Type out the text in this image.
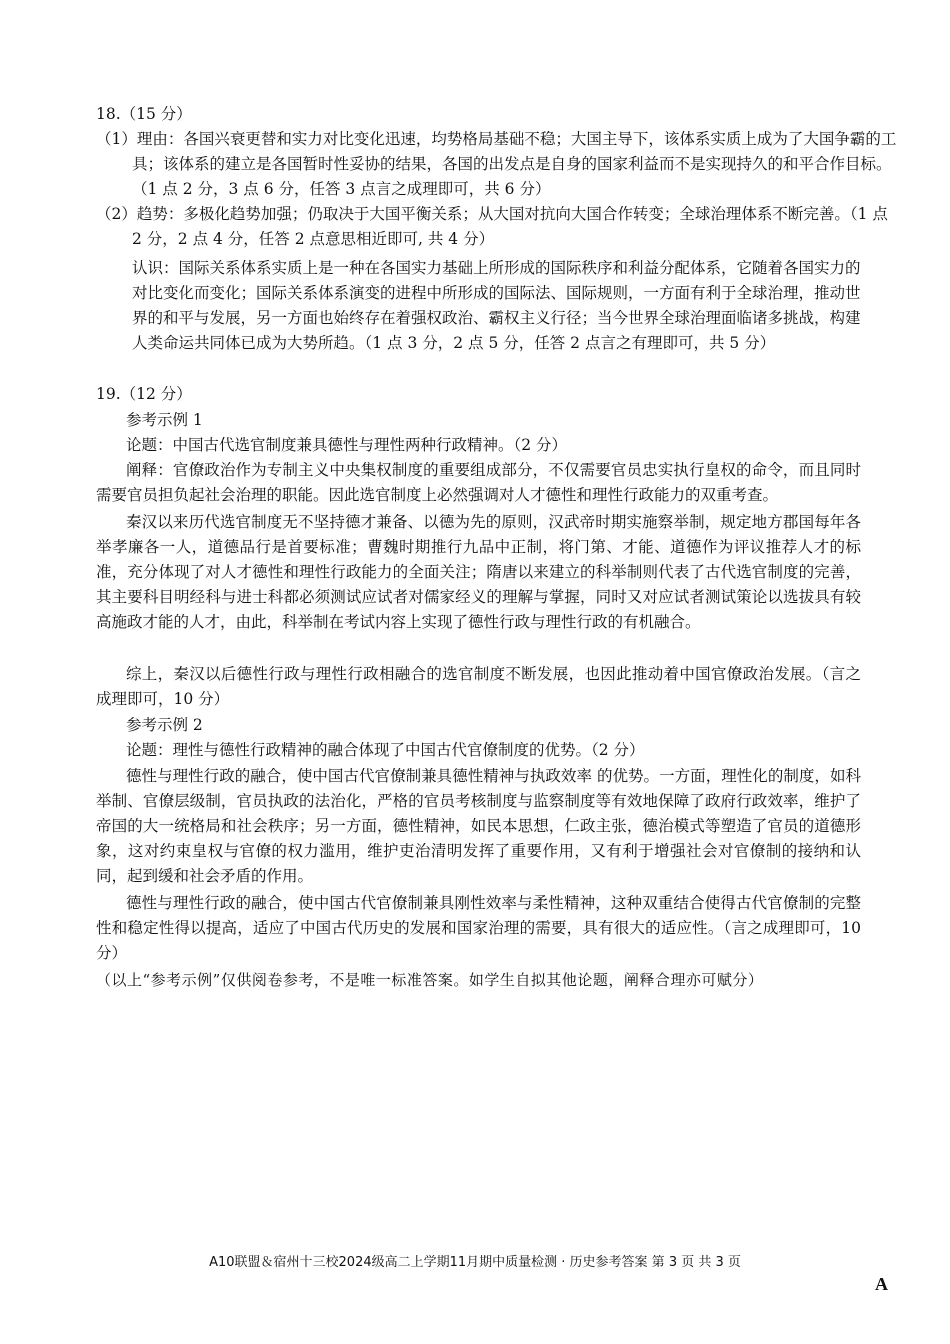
18.（15 分）

（1）理由：各国兴衰更替和实力对比变化迅速，均势格局基础不稳；大国主导下，该体系实质上成为了大国争霸的工具；该体系的建立是各国暂时性妥协的结果，各国的出发点是自身的国家利益而不是实现持久的和平合作目标。（1 点 2 分，3 点 6 分，任答 3 点言之成理即可，共 6 分）

（2）趋势：多极化趋势加强；仍取决于大国平衡关系；从大国对抗向大国合作转变；全球治理体系不断完善。（1 点 2 分，2 点 4 分，任答 2 点意思相近即可, 共 4 分）

认识：国际关系体系实质上是一种在各国实力基础上所形成的国际秩序和利益分配体系，它随着各国实力的对比变化而变化；国际关系体系演变的进程中所形成的国际法、国际规则，一方面有利于全球治理，推动世界的和平与发展，另一方面也始终存在着强权政治、霸权主义行径；当今世界全球治理面临诸多挑战，构建人类命运共同体已成为大势所趋。（1 点 3 分，2 点 5 分，任答 2 点言之有理即可，共 5 分）

19.（12 分）

参考示例 1

论题：中国古代选官制度兼具德性与理性两种行政精神。（2 分）

阐释：官僚政治作为专制主义中央集权制度的重要组成部分，不仅需要官员忠实执行皇权的命令，而且同时需要官员担负起社会治理的职能。因此选官制度上必然强调对人才德性和理性行政能力的双重考查。

秦汉以来历代选官制度无不坚持德才兼备、以德为先的原则，汉武帝时期实施察举制，规定地方郡国每年各举孝廉各一人，道德品行是首要标准；曹魏时期推行九品中正制，将门第、才能、道德作为评议推荐人才的标准，充分体现了对人才德性和理性行政能力的全面关注；隋唐以来建立的科举制则代表了古代选官制度的完善，其主要科目明经科与进士科都必须测试应试者对儒家经义的理解与掌握，同时又对应试者测试策论以选拔具有较高施政才能的人才，由此，科举制在考试内容上实现了德性行政与理性行政的有机融合。

综上，秦汉以后德性行政与理性行政相融合的选官制度不断发展，也因此推动着中国官僚政治发展。（言之成理即可，10 分）

参考示例 2

论题：理性与德性行政精神的融合体现了中国古代官僚制度的优势。（2 分）

德性与理性行政的融合，使中国古代官僚制兼具德性精神与执政效率 的优势。一方面，理性化的制度，如科举制、官僚层级制，官员执政的法治化，严格的官员考核制度与监察制度等有效地保障了政府行政效率，维护了帝国的大一统格局和社会秩序；另一方面，德性精神，如民本思想，仁政主张，德治模式等塑造了官员的道德形象，这对约束皇权与官僚的权力滥用，维护吏治清明发挥了重要作用，又有利于增强社会对官僚制的接纳和认同，起到缓和社会矛盾的作用。

德性与理性行政的融合，使中国古代官僚制兼具刚性效率与柔性精神，这种双重结合使得古代官僚制的完整性和稳定性得以提高，适应了中国古代历史的发展和国家治理的需要，具有很大的适应性。（言之成理即可，10 分）

（以上“参考示例”仅供阅卷参考，不是唯一标准答案。如学生自拟其他论题，阐释合理亦可赋分）

A10联盟＆宿州十三校2024级高二上学期11月期中质量检测 · 历史参考答案 第 3 页 共 3 页
A
